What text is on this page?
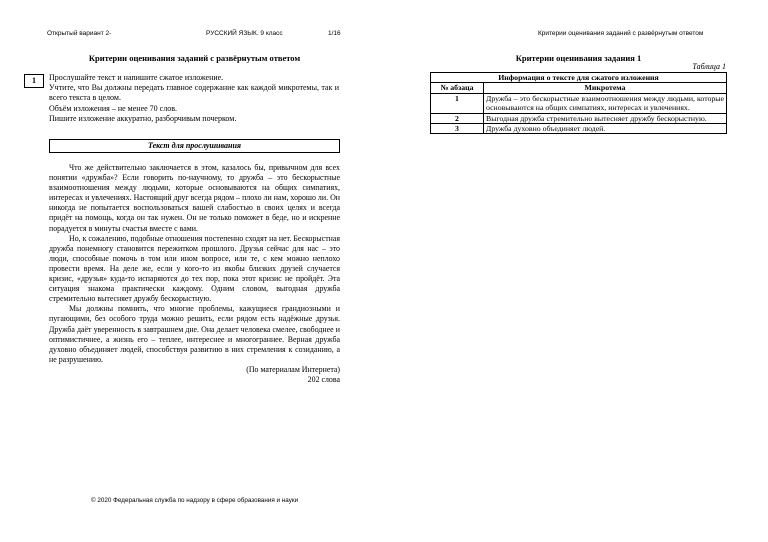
Открытый вариант 2-	РУССКИЙ ЯЗЫК. 9 класс	1/16	Критерии оценивания заданий с развёрнутым ответом
Критерии оценивания заданий с развёрнутым ответом
1	Прослушайте текст и напишите сжатое изложение.

Учтите, что Вы должны передать главное содержание как каждой микротемы, так и всего текста в целом.

Объём изложения – не менее 70 слов.

Пишите изложение аккуратно, разборчивым почерком.

Текст для прослушивания

Что же действительно заключается в этом, казалось бы, привычном для всех понятии «дружба»? Если говорить по-научному, то дружба – это бескорыстные взаимоотношения между людьми, которые основываются на общих симпатиях, интересах и увлечениях. Настоящий друг всегда рядом – плохо ли нам, хорошо ли. Он никогда не попытается воспользоваться вашей слабостью в своих целях и всегда придёт на помощь, когда он так нужен. Он не только поможет в беде, но и искренне порадуется в минуты счастья вместе с вами.

Но, к сожалению, подобные отношения постепенно сходят на нет. Бескорыстная дружба понемногу становится пережитком прошлого. Друзья сейчас для нас – это люди, способные помочь в том или ином вопросе, или те, с кем можно неплохо провести время. На деле же, если у кого-то из якобы близких друзей случается кризис, «друзья» куда-то испаряются до тех пор, пока этот кризис не пройдёт. Эта ситуация знакома практически каждому. Одним словом, выгодная дружба стремительно вытесняет дружбу бескорыстную.

Мы должны помнить, что многие проблемы, кажущиеся грандиозными и пугающими, без особого труда можно решить, если рядом есть надёжные друзья. Дружба даёт уверенность в завтрашнем дне. Она делает человека смелее, свободнее и оптимистичнее, а жизнь его – теплее, интереснее и многограннее. Верная дружба духовно объединяет людей, способствуя развитию в них стремления к созиданию, а не разрушению.

(По материалам Интернета)
202 слова
© 2020 Федеральная служба по надзору в сфере образования и науки
Критерии оценивания задания 1
Таблица 1
Информация о тексте для сжатого изложения	
№ абзаца	Микротема
1	Дружба – это бескорыстные взаимоотношения между людьми, которые основываются на общих симпатиях, интересах и увлечениях.
2	Выгодная дружба стремительно вытесняет дружбу бескорыстную.
3	Дружба духовно объединяет людей.
